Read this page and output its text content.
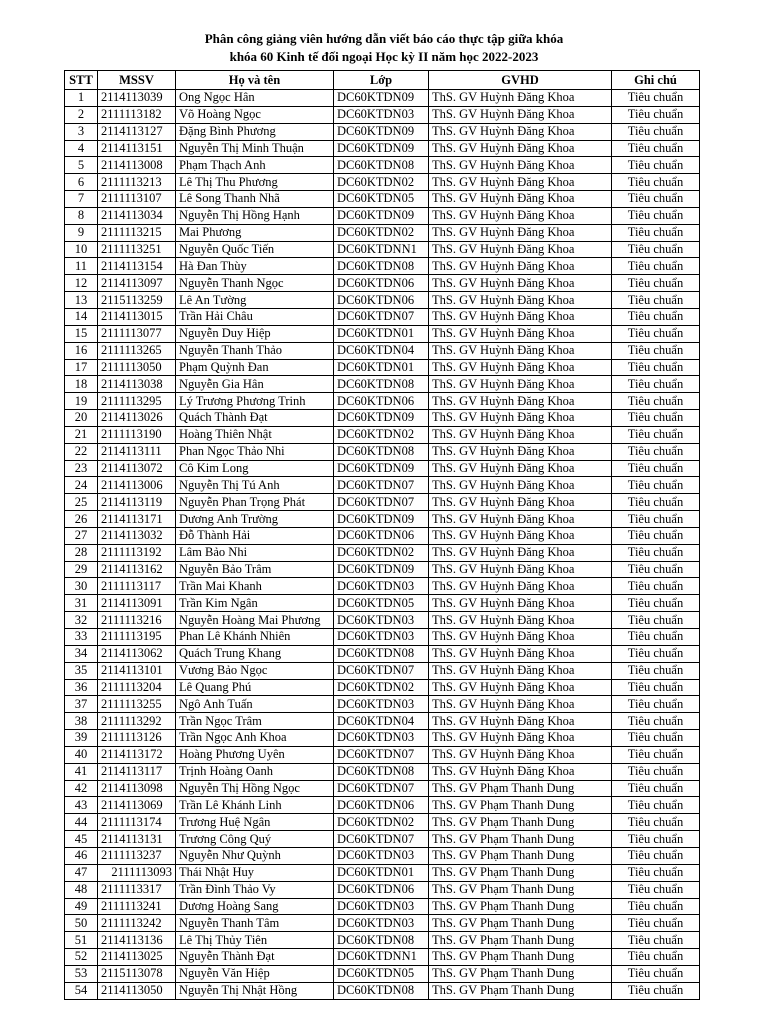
Phân công giảng viên hướng dẫn viết báo cáo thực tập giữa khóa
khóa 60 Kinh tế đối ngoại Học kỳ II năm học 2022-2023
STT	MSSV	Họ và tên	Lớp	GVHD	Ghi chú
1	2114113039	Ong Ngọc Hân	DC60KTDN09	ThS. GV Huỳnh Đăng Khoa	Tiêu chuẩn
2	2111113182	Võ Hoàng Ngọc	DC60KTDN03	ThS. GV Huỳnh Đăng Khoa	Tiêu chuẩn
3	2114113127	Đặng Bình Phương	DC60KTDN09	ThS. GV Huỳnh Đăng Khoa	Tiêu chuẩn
4	2114113151	Nguyễn Thị Minh Thuận	DC60KTDN09	ThS. GV Huỳnh Đăng Khoa	Tiêu chuẩn
5	2114113008	Phạm Thạch Anh	DC60KTDN08	ThS. GV Huỳnh Đăng Khoa	Tiêu chuẩn
6	2111113213	Lê Thị Thu Phương	DC60KTDN02	ThS. GV Huỳnh Đăng Khoa	Tiêu chuẩn
7	2111113107	Lê Song Thanh Nhã	DC60KTDN05	ThS. GV Huỳnh Đăng Khoa	Tiêu chuẩn
8	2114113034	Nguyễn Thị Hồng Hạnh	DC60KTDN09	ThS. GV Huỳnh Đăng Khoa	Tiêu chuẩn
9	2111113215	Mai Phương	DC60KTDN02	ThS. GV Huỳnh Đăng Khoa	Tiêu chuẩn
10	2111113251	Nguyễn Quốc Tiến	DC60KTDNN1	ThS. GV Huỳnh Đăng Khoa	Tiêu chuẩn
11	2114113154	Hà Đan Thùy	DC60KTDN08	ThS. GV Huỳnh Đăng Khoa	Tiêu chuẩn
12	2114113097	Nguyễn Thanh Ngọc	DC60KTDN06	ThS. GV Huỳnh Đăng Khoa	Tiêu chuẩn
13	2115113259	Lê An Tường	DC60KTDN06	ThS. GV Huỳnh Đăng Khoa	Tiêu chuẩn
14	2114113015	Trần Hải Châu	DC60KTDN07	ThS. GV Huỳnh Đăng Khoa	Tiêu chuẩn
15	2111113077	Nguyễn Duy Hiệp	DC60KTDN01	ThS. GV Huỳnh Đăng Khoa	Tiêu chuẩn
16	2111113265	Nguyễn Thanh Thảo	DC60KTDN04	ThS. GV Huỳnh Đăng Khoa	Tiêu chuẩn
17	2111113050	Phạm Quỳnh Đan	DC60KTDN01	ThS. GV Huỳnh Đăng Khoa	Tiêu chuẩn
18	2114113038	Nguyễn Gia Hân	DC60KTDN08	ThS. GV Huỳnh Đăng Khoa	Tiêu chuẩn
19	2111113295	Lý Trương Phương Trinh	DC60KTDN06	ThS. GV Huỳnh Đăng Khoa	Tiêu chuẩn
20	2114113026	Quách Thành Đạt	DC60KTDN09	ThS. GV Huỳnh Đăng Khoa	Tiêu chuẩn
21	2111113190	Hoàng Thiên Nhật	DC60KTDN02	ThS. GV Huỳnh Đăng Khoa	Tiêu chuẩn
22	2114113111	Phan Ngọc Thảo Nhi	DC60KTDN08	ThS. GV Huỳnh Đăng Khoa	Tiêu chuẩn
23	2114113072	Cô Kim Long	DC60KTDN09	ThS. GV Huỳnh Đăng Khoa	Tiêu chuẩn
24	2114113006	Nguyễn Thị Tú Anh	DC60KTDN07	ThS. GV Huỳnh Đăng Khoa	Tiêu chuẩn
25	2114113119	Nguyễn Phan Trọng Phát	DC60KTDN07	ThS. GV Huỳnh Đăng Khoa	Tiêu chuẩn
26	2114113171	Dương Anh Trường	DC60KTDN09	ThS. GV Huỳnh Đăng Khoa	Tiêu chuẩn
27	2114113032	Đỗ Thành Hải	DC60KTDN06	ThS. GV Huỳnh Đăng Khoa	Tiêu chuẩn
28	2111113192	Lâm Bảo Nhi	DC60KTDN02	ThS. GV Huỳnh Đăng Khoa	Tiêu chuẩn
29	2114113162	Nguyễn Bảo Trâm	DC60KTDN09	ThS. GV Huỳnh Đăng Khoa	Tiêu chuẩn
30	2111113117	Trần Mai Khanh	DC60KTDN03	ThS. GV Huỳnh Đăng Khoa	Tiêu chuẩn
31	2114113091	Trần Kim Ngân	DC60KTDN05	ThS. GV Huỳnh Đăng Khoa	Tiêu chuẩn
32	2111113216	Nguyễn Hoàng Mai Phương	DC60KTDN03	ThS. GV Huỳnh Đăng Khoa	Tiêu chuẩn
33	2111113195	Phan Lê Khánh Nhiên	DC60KTDN03	ThS. GV Huỳnh Đăng Khoa	Tiêu chuẩn
34	2114113062	Quách Trung Khang	DC60KTDN08	ThS. GV Huỳnh Đăng Khoa	Tiêu chuẩn
35	2114113101	Vương Bảo Ngọc	DC60KTDN07	ThS. GV Huỳnh Đăng Khoa	Tiêu chuẩn
36	2111113204	Lê Quang Phú	DC60KTDN02	ThS. GV Huỳnh Đăng Khoa	Tiêu chuẩn
37	2111113255	Ngô Anh Tuấn	DC60KTDN03	ThS. GV Huỳnh Đăng Khoa	Tiêu chuẩn
38	2111113292	Trần Ngọc Trâm	DC60KTDN04	ThS. GV Huỳnh Đăng Khoa	Tiêu chuẩn
39	2111113126	Trần Ngọc Anh Khoa	DC60KTDN03	ThS. GV Huỳnh Đăng Khoa	Tiêu chuẩn
40	2114113172	Hoàng Phương Uyên	DC60KTDN07	ThS. GV Huỳnh Đăng Khoa	Tiêu chuẩn
41	2114113117	Trịnh Hoàng Oanh	DC60KTDN08	ThS. GV Huỳnh Đăng Khoa	Tiêu chuẩn
42	2114113098	Nguyễn Thị Hồng Ngọc	DC60KTDN07	ThS. GV Phạm Thanh Dung	Tiêu chuẩn
43	2114113069	Trần Lê Khánh Linh	DC60KTDN06	ThS. GV Phạm Thanh Dung	Tiêu chuẩn
44	2111113174	Trương Huệ Ngân	DC60KTDN02	ThS. GV Phạm Thanh Dung	Tiêu chuẩn
45	2114113131	Trương Công Quý	DC60KTDN07	ThS. GV Phạm Thanh Dung	Tiêu chuẩn
46	2111113237	Nguyễn Như Quỳnh	DC60KTDN03	ThS. GV Phạm Thanh Dung	Tiêu chuẩn
47	2111113093	Thái Nhật Huy	DC60KTDN01	ThS. GV Phạm Thanh Dung	Tiêu chuẩn
48	2111113317	Trần Đình Thảo Vy	DC60KTDN06	ThS. GV Phạm Thanh Dung	Tiêu chuẩn
49	2111113241	Dương Hoàng Sang	DC60KTDN03	ThS. GV Phạm Thanh Dung	Tiêu chuẩn
50	2111113242	Nguyễn Thanh Tâm	DC60KTDN03	ThS. GV Phạm Thanh Dung	Tiêu chuẩn
51	2114113136	Lê Thị Thủy Tiên	DC60KTDN08	ThS. GV Phạm Thanh Dung	Tiêu chuẩn
52	2114113025	Nguyễn Thành Đạt	DC60KTDNN1	ThS. GV Phạm Thanh Dung	Tiêu chuẩn
53	2115113078	Nguyễn Văn Hiệp	DC60KTDN05	ThS. GV Phạm Thanh Dung	Tiêu chuẩn
54	2114113050	Nguyễn Thị Nhật Hồng	DC60KTDN08	ThS. GV Phạm Thanh Dung	Tiêu chuẩn
